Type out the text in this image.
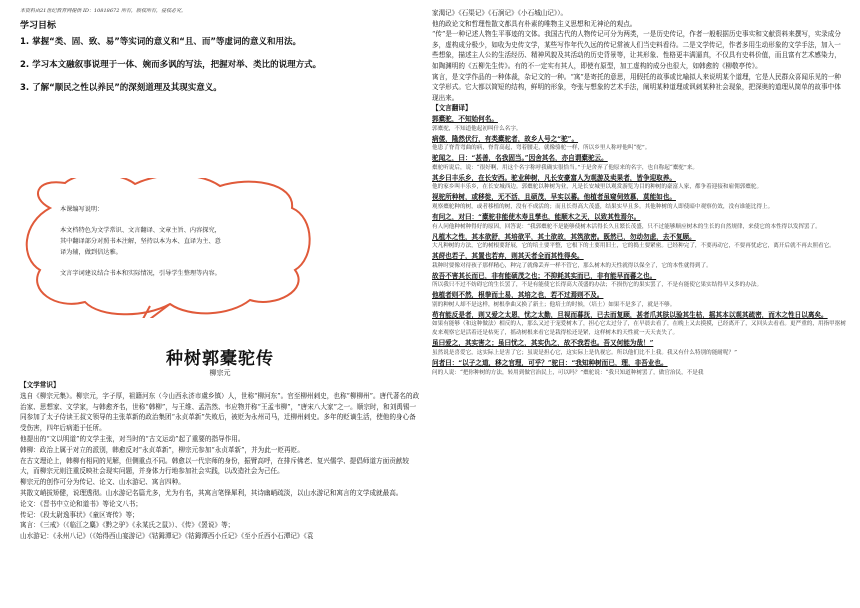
本资料由21世纪教育网提供 ID：10818672 所有，版权所有，侵权必究。
学习目标
1. 掌握“类、固、致、易”等实词的意义和“且、而”等虚词的意义和用法。
2. 学习本文融叙事说理于一体、婉而多讽的写法，把握对举、类比的说理方式。
3. 了解“顺民之性以养民”的深刻道理及其现实意义。

本课编写说明：

本文档特色为文学常识、文言翻译、文章主旨、内容探究，

其中翻译部分对照书本注解，坚持以本为本、直译为主、意

译为辅，做到信达雅。

文言字词建议结合书本和实际情况，引导学生整理等内容。

种树郭橐驼传
柳宗元

【文学常识】

选自《柳宗元集》。柳宗元，字子厚，祖籍河东（今山西永济市虞乡镇）人，世称“柳河东”。官至柳州刺史，也称“柳柳州”。唐代著名的政治家、思想家、文学家，与韩愈齐名，世称“韩柳”，与王维、孟浩然、韦应物并称“王孟韦柳”，“唐宋八大家”之一。顺宗时，和刘禹锡一同参加了太子侍读王叔文领导的主张革新的政治集团“永贞革新”失败后，被贬为永州司马，迁柳州刺史。多年的贬谪生活，使他的身心备受伤害，四年后病逝于任所。

他提出的“文以明道”的文学主张，对当时的“古文运动”起了重要的指导作用。

韩柳：政治上属于对立的派别，韩愈反对“永贞革新”，柳宗元参加“永贞革新”，并为此一贬再贬。

在古文理论上，韩柳有相同的见解，但侧重点不同。韩愈以一代宗师的身份，振臂高呼，在排斥佛老、复兴儒学、提倡师道方面贡献较大，而柳宗元则注重反映社会现实问题，并身体力行地参加社会实践，以改造社会为己任。

柳宗元的创作可分为传记、论文、山水游记、寓言四种。

其散文峭拔矫健，说理透彻。山水游记名篇尤多，尤为有名，其寓言笔锋犀利，其诗幽峭疏淡，以山水游记和寓言的文学成就最高。

论文：《晋书中立论和道书》等论文八书；

传记：《段太尉逸事状》《童区寄传》等；

寓言：《三戒》（《临江之麋》《黔之驴》《永某氏之鼠》）、《传》《罴说》等；

山水游记：《永州八记》（《始得西山宴游记》《钴鉧潭记》《钴鉧潭西小丘记》《至小丘西小石潭记》《袁

家渴记》《石渠记》《石涧记》《小石城山记》）。

他的政论文和哲理性散文都具有朴素的唯物主义思想和无神论的观点。

“传”是一种记述人物生平事迹的文体。我国古代的人物传记可分为两类，一是历史传记，作者一般根据历史事实和文献资料来撰写，实录成分多，虚构成分极少，如收为史传文学，某些写作年代久远的传记常被人们当史料看待。二是文学传记，作者多用生动形象的文学手法，加入一些想象，描述主人公的生活经历、精神风貌及其活动的历史背景等，让其形象、性格更丰满逼真，不仅具有史料价值，而且富有艺术感染力，如陶渊明的《五柳先生传》。有的不一定实有其人，即使有原型，加工虚构的成分也很大，如韩愈的《柳敬亭传》。

寓言，是文学作品的一种体裁，杂记文的一种。“寓”是寄托的意思，用假托的故事或比喻拟人来说明某个道理，它是人民群众喜闻乐见的一种文学形式。它大都以简短的结构，鲜明的形象，夸张与想象的艺术手法，阐明某种道理或讽刺某种社会现象，把深奥的道理从简单的故事中体现出来。

【文言翻译】

郭橐驼，不知始何名。

郭橐驼，不知道他起初叫什么名字。

病偻，隆然伏行，有类橐驼者，故乡人号之“驼”。

他患了脊背弯曲的病，脊背高起，弯着腰走，就像骆驼一样，所以乡里人称呼他叫“驼”。

驼闻之，曰：“甚善，名我固当。”因舍其名，亦自谓橐驼云。

橐驼听说后，说：“很好啊，用这个名字称呼我确实很恰当。”于是舍弃了他原来的名字，也自称起“橐驼”来。

其乡曰丰乐乡，在长安西。驼业种树，凡长安豪富人为观游及卖果者，皆争迎取养。

他的家乡叫丰乐乡，在长安城西边。郭橐驼以种树为业，凡是长安城里以观赏游览为目的种树的豪富人家，都争着迎接和雇佣郭橐驼。

视驼所种树，或移徙，无不活，且硕茂，早实以蕃。他植者虽窥伺效慕，莫能如也。

观察橐驼种的树，或者移植的树，没有不成活的；而且长得高大茂盛，结果实早且多。其他种树的人即使暗中观察仿效，没有谁能比得上。

有问之，对曰：“橐驼非能使木寿且孳也，能顺木之天，以致其性焉尔。

有人问他种树种得好的原因，回答说：“我郭橐驼不是能够使树木活得长久且繁长茂盛，只不过能够顺应树木的生长的自然规律，来使它的本性得以发挥罢了。

凡植木之性，其本欲舒，其培欲平，其土欲故，其筑欲密。既然已，勿动勿虑，去不复顾。

大凡种树的方法，它的树根要舒展，它的培土要平整，它根下的土要用旧土，它的捣土要紧密。已经种完了，不要再动它，不要再忧虑它，离开后就不再去照看它。

其莳也若子，其置也若弃，则其天者全而其性得矣。

栽种时要像对待孩子那样精心，种完了就像丢弃一样不管它，那么树木的天性就得以保全了，它的本性就得到了。

故吾不害其长而已，非有能硕茂之也；不抑耗其实而已，非有能早而蕃之也。

所以我只不过不妨碍它的生长罢了，不是有能使它长得高大茂盛的办法；不损伤它的果实罢了，不是有能使它果实结得早又多的办法。

他植者则不然，根拳而土易，其培之也，若不过焉则不及。

别的种树人却不是这样，树根拳曲又换了新土；他培土的时候，（培土）如果不是多了，就是不够。

苟有能反是者，则又爱之太恩，忧之太勤，旦视而暮抚，已去而复顾，甚者爪其肤以验其生枯，摇其本以观其疏密，而木之性日以离矣。

如果有能够（和这种做法）相反的人，那么又过于宠爱树木了，担心它太过分了，在早晨去看了，在晚上又去摸摸，已经离开了，又回头去看看。更严重的，用指甲抠树皮来观察它是活着还是枯死了，摇动树根来看它是栽得松还是紧，这样树木的天性就一天天丧失了。

虽曰爱之，其实害之；虽曰忧之，其实仇之，故不我若也。吾又何能为哉！”

虽然说是喜爱它，这实际上是害了它；虽说是担心它，这实际上是仇视它。所以他们比不上我。我又有什么特别的能耐呢？”

问者曰：“以子之道，移之官理，可乎？”驼曰：“我知种树而已，理，非吾业也。

问的人说：“把你种树的方法，转用到做官治民上，可以吗？”橐驼说：“我只知道种树罢了，做官治民，不是我
